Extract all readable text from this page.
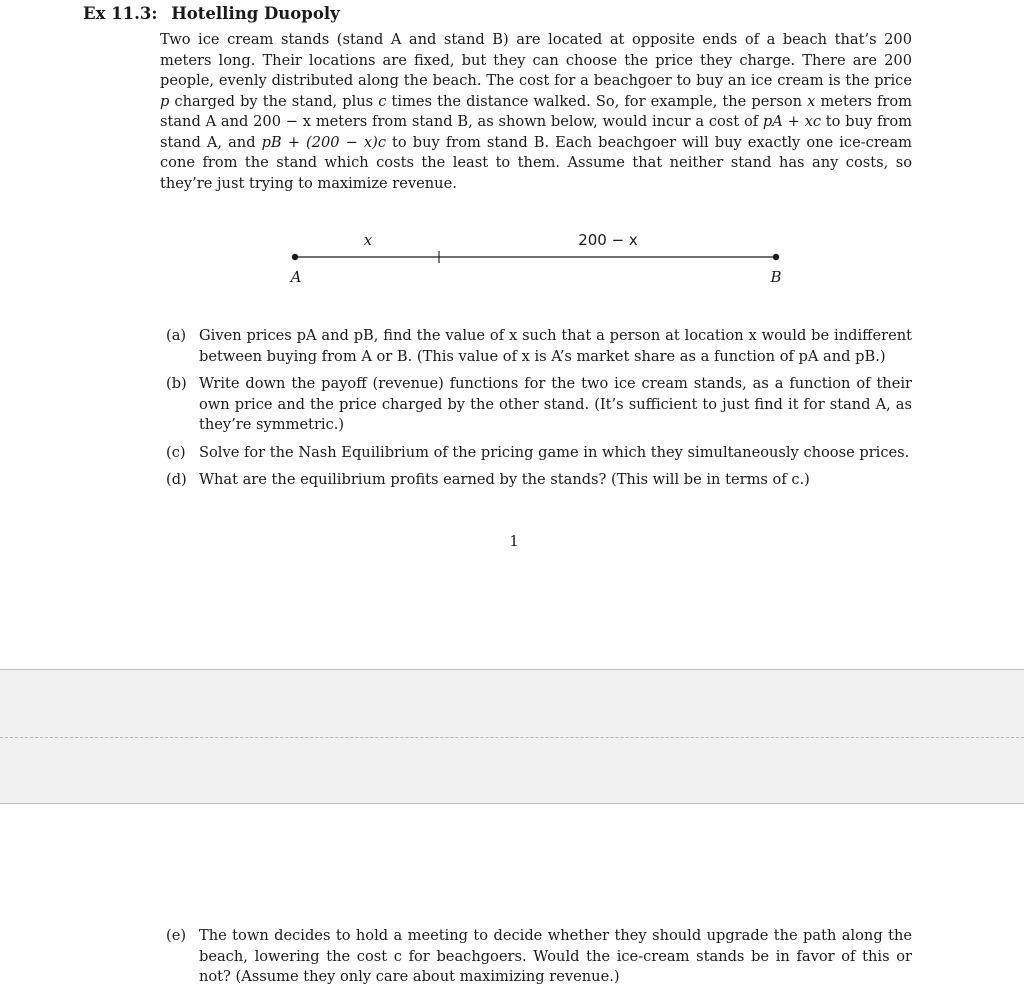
Ex 11.3: Hotelling Duopoly

Two ice cream stands (stand A and stand B) are located at opposite ends of a beach that’s 200 meters long. Their locations are fixed, but they can choose the price they charge. There are 200 people, evenly distributed along the beach. The cost for a beachgoer to buy an ice cream is the price p charged by the stand, plus c times the distance walked. So, for example, the person x meters from stand A and 200 − x meters from stand B, as shown below, would incur a cost of pA + xc to buy from stand A, and pB + (200 − x)c to buy from stand B. Each beachgoer will buy exactly one ice-cream cone from the stand which costs the least to them. Assume that neither stand has any costs, so they’re just trying to maximize revenue.

x	200 − x
A	B
(a) Given prices pA and pB, find the value of x such that a person at location x would be indifferent between buying from A or B. (This value of x is A’s market share as a function of pA and pB.)
(b) Write down the payoff (revenue) functions for the two ice cream stands, as a function of their own price and the price charged by the other stand. (It’s sufficient to just find it for stand A, as they’re symmetric.)
(c) Solve for the Nash Equilibrium of the pricing game in which they simultaneously choose prices.
(d) What are the equilibrium profits earned by the stands? (This will be in terms of c.)
1
(e) The town decides to hold a meeting to decide whether they should upgrade the path along the beach, lowering the cost c for beachgoers. Would the ice-cream stands be in favor of this or not? (Assume they only care about maximizing revenue.)
